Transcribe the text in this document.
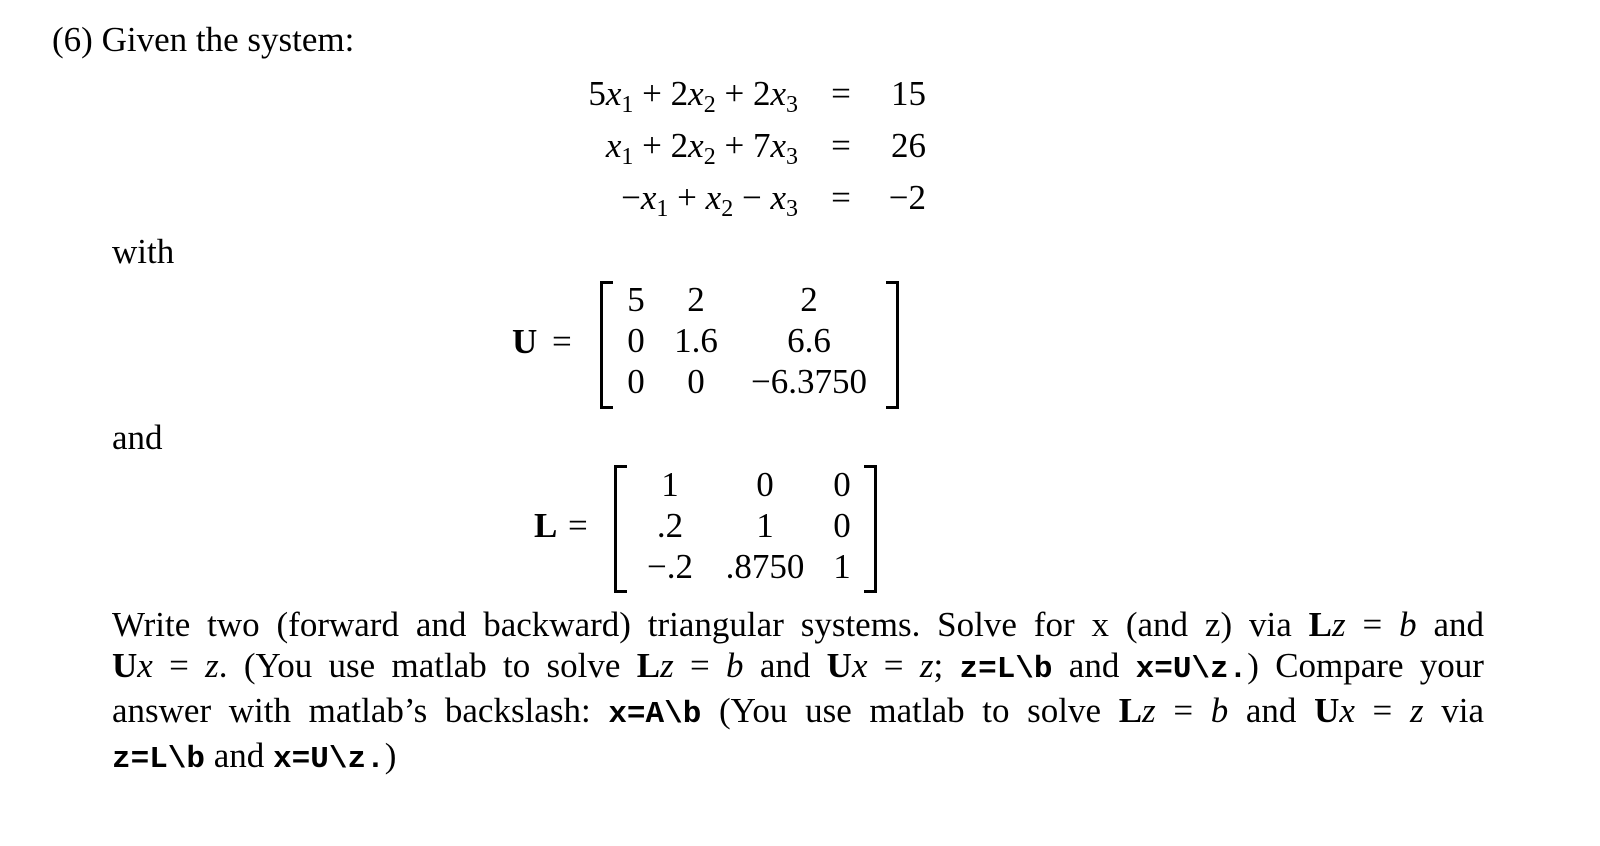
(6) Given the system:
$5x_1 + 2x_2 + 2x_3$ =	15
$x_1 + 2x_2 + 7x_3$ =	26
$-x_1 + x_2 - x_3$ =	−2
with
U =
5	2	2
0 1.6	6.6
0	0	−6.3750
and
L =
1	0	0
.2	1	0
−.2 .8750 1
Write two (forward and backward) triangular systems. Solve for x (and z) via Lz = b and
Ux = z. (You use matlab to solve Lz = b and Ux = z; z=L\b and x=U\z.) Compare your
answer with matlab’s backslash: x=A\b (You use matlab to solve Lz = b and Ux = z via
z=L\b and x=U\z.)
